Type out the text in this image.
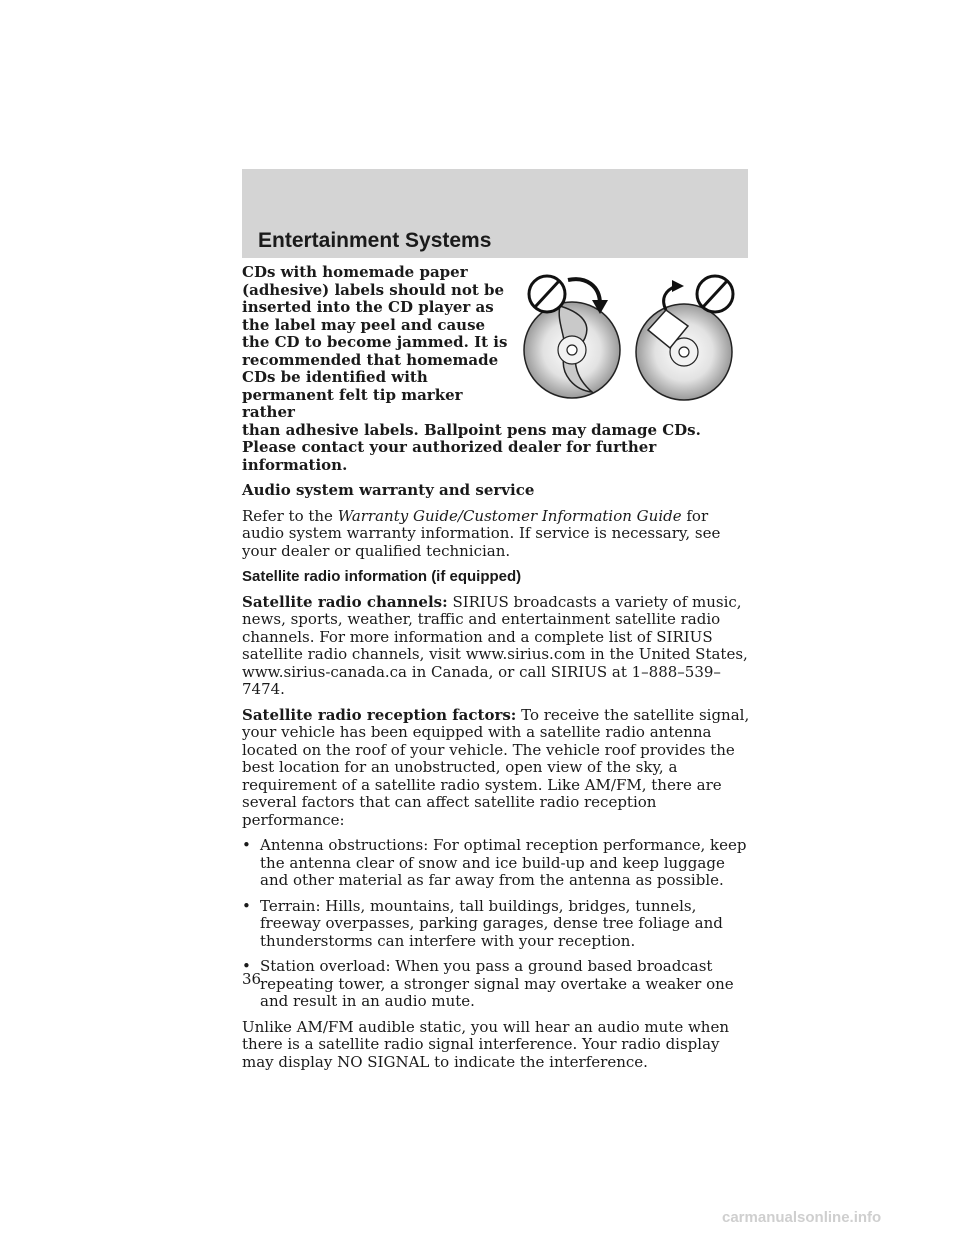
Entertainment Systems

CDs with homemade paper (adhesive) labels should not be inserted into the CD player as the label may peel and cause the CD to become jammed. It is recommended that homemade CDs be identified with permanent felt tip marker rather
than adhesive labels. Ballpoint pens may damage CDs. Please contact your authorized dealer for further information.

Audio system warranty and service

Refer to the Warranty Guide/Customer Information Guide for audio system warranty information. If service is necessary, see your dealer or qualified technician.

Satellite radio information (if equipped)

Satellite radio channels: SIRIUS broadcasts a variety of music, news, sports, weather, traffic and entertainment satellite radio channels. For more information and a complete list of SIRIUS satellite radio channels, visit www.sirius.com in the United States, www.sirius-canada.ca in Canada, or call SIRIUS at 1–888–539–7474.

Satellite radio reception factors: To receive the satellite signal, your vehicle has been equipped with a satellite radio antenna located on the roof of your vehicle. The vehicle roof provides the best location for an unobstructed, open view of the sky, a requirement of a satellite radio system. Like AM/FM, there are several factors that can affect satellite radio reception performance:

• Antenna obstructions: For optimal reception performance, keep the antenna clear of snow and ice build-up and keep luggage and other material as far away from the antenna as possible.
• Terrain: Hills, mountains, tall buildings, bridges, tunnels, freeway overpasses, parking garages, dense tree foliage and thunderstorms can interfere with your reception.
• Station overload: When you pass a ground based broadcast repeating tower, a stronger signal may overtake a weaker one and result in an audio mute.

Unlike AM/FM audible static, you will hear an audio mute when there is a satellite radio signal interference. Your radio display may display NO SIGNAL to indicate the interference.

36
carmanualsonline.info
